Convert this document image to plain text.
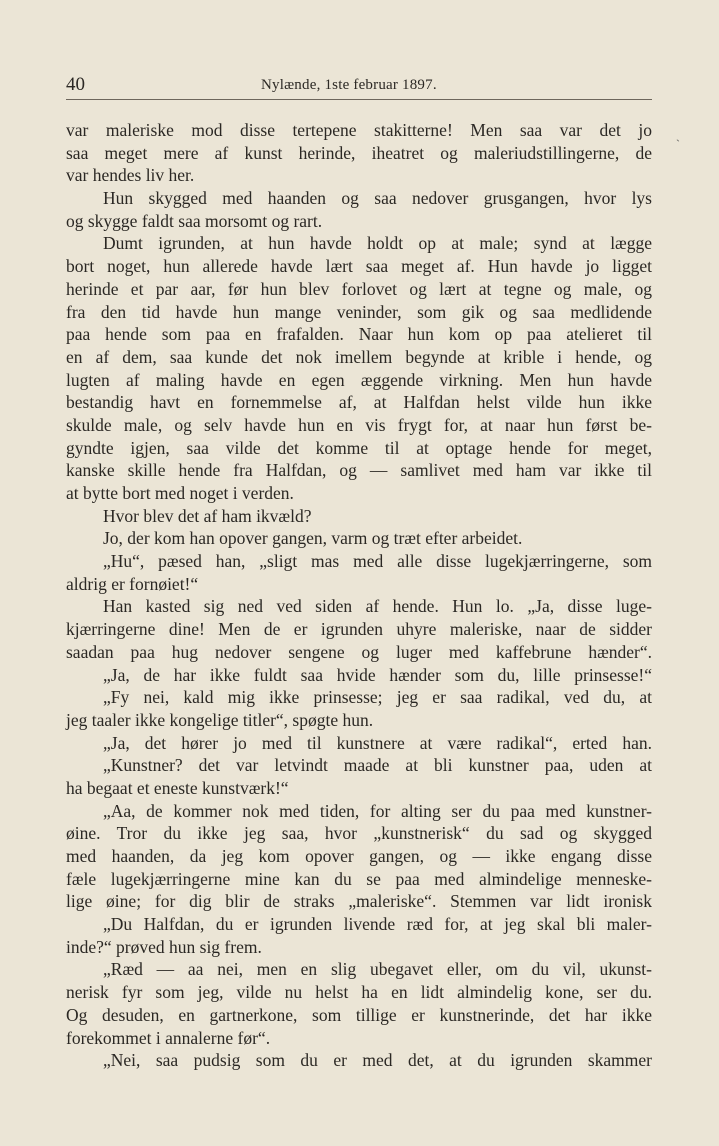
40	Nylænde, 1ste februar 1897.
ˎ
var maleriske mod disse tertepene stakitterne! Men saa var det jo
saa meget mere af kunst herinde, iheatret og maleriudstillingerne, de
var hendes liv her.
Hun skygged med haanden og saa nedover grusgangen, hvor lys
og skygge faldt saa morsomt og rart.
Dumt igrunden, at hun havde holdt op at male; synd at lægge
bort noget, hun allerede havde lært saa meget af. Hun havde jo ligget
herinde et par aar, før hun blev forlovet og lært at tegne og male, og
fra den tid havde hun mange veninder, som gik og saa medlidende
paa hende som paa en frafalden. Naar hun kom op paa atelieret til
en af dem, saa kunde det nok imellem begynde at krible i hende, og
lugten af maling havde en egen æggende virkning. Men hun havde
bestandig havt en fornemmelse af, at Halfdan helst vilde hun ikke
skulde male, og selv havde hun en vis frygt for, at naar hun først be-
gyndte igjen, saa vilde det komme til at optage hende for meget,
kanske skille hende fra Halfdan, og — samlivet med ham var ikke til
at bytte bort med noget i verden.
Hvor blev det af ham ikvæld?
Jo, der kom han opover gangen, varm og træt efter arbeidet.
„Hu“, pæsed han, „sligt mas med alle disse lugekjærringerne, som
aldrig er fornøiet!“
Han kasted sig ned ved siden af hende. Hun lo. „Ja, disse luge-
kjærringerne dine! Men de er igrunden uhyre maleriske, naar de sidder
saadan paa hug nedover sengene og luger med kaffebrune hænder“.
„Ja, de har ikke fuldt saa hvide hænder som du, lille prinsesse!“
„Fy nei, kald mig ikke prinsesse; jeg er saa radikal, ved du, at
jeg taaler ikke kongelige titler“, spøgte hun.
„Ja, det hører jo med til kunstnere at være radikal“, erted han.
„Kunstner? det var letvindt maade at bli kunstner paa, uden at
ha begaat et eneste kunstværk!“
„Aa, de kommer nok med tiden, for alting ser du paa med kunstner-
øine. Tror du ikke jeg saa, hvor „kunstnerisk“ du sad og skygged
med haanden, da jeg kom opover gangen, og — ikke engang disse
fæle lugekjærringerne mine kan du se paa med almindelige menneske-
lige øine; for dig blir de straks „maleriske“. Stemmen var lidt ironisk
„Du Halfdan, du er igrunden livende ræd for, at jeg skal bli maler-
inde?“ prøved hun sig frem.
„Ræd — aa nei, men en slig ubegavet eller, om du vil, ukunst-
nerisk fyr som jeg, vilde nu helst ha en lidt almindelig kone, ser du.
Og desuden, en gartnerkone, som tillige er kunstnerinde, det har ikke
forekommet i annalerne før“.
„Nei, saa pudsig som du er med det, at du igrunden skammer
